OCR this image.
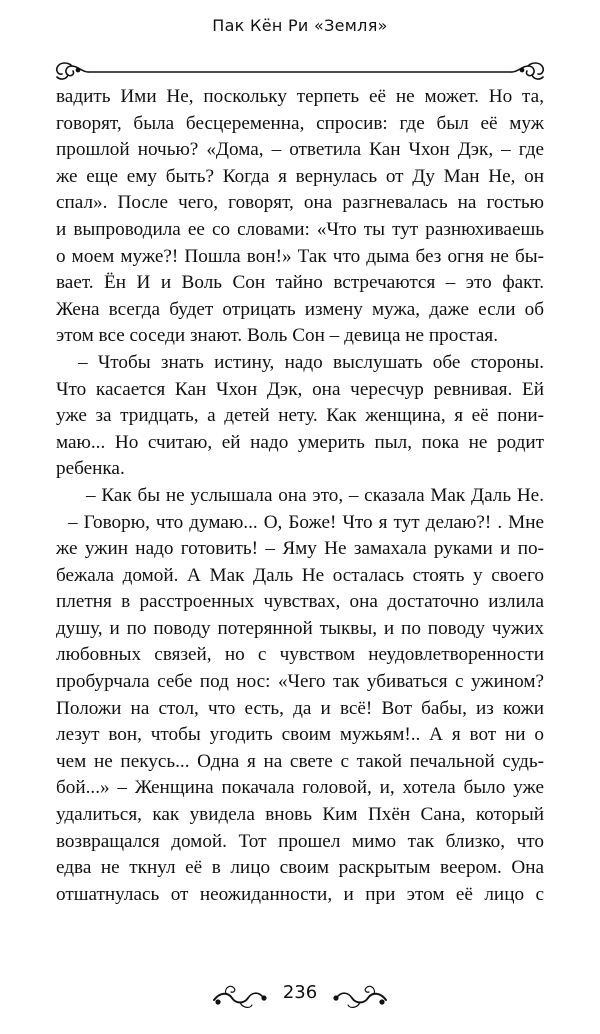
Пак Кён Ри «Земля»
вадить Ими Не, поскольку терпеть её не может. Но та,
говорят, была бесцеременна, спросив: где был её муж
прошлой ночью? «Дома, – ответила Кан Чхон Дэк, – где
же еще ему быть? Когда я вернулась от Ду Ман Не, он
спал». После чего, говорят, она разгневалась на гостью
и выпроводила ее со словами: «Что ты тут разнюхиваешь
о моем муже?! Пошла вон!» Так что дыма без огня не бы-
вает. Ён И и Воль Сон тайно встречаются – это факт.
Жена всегда будет отрицать измену мужа, даже если об
этом все соседи знают. Воль Сон – девица не простая.
– Чтобы знать истину, надо выслушать обе стороны.
Что касается Кан Чхон Дэк, она чересчур ревнивая. Ей
уже за тридцать, а детей нету. Как женщина, я её пони-
маю... Но считаю, ей надо умерить пыл, пока не родит
ребенка.
– Как бы не услышала она это, – сказала Мак Даль Не.
– Говорю, что думаю... О, Боже! Что я тут делаю?! . Мне
же ужин надо готовить! – Яму Не замахала руками и по-
бежала домой. А Мак Даль Не осталась стоять у своего
плетня в расстроенных чувствах, она достаточно излила
душу, и по поводу потерянной тыквы, и по поводу чужих
любовных связей, но с чувством неудовлетворенности
пробурчала себе под нос: «Чего так убиваться с ужином?
Положи на стол, что есть, да и всё! Вот бабы, из кожи
лезут вон, чтобы угодить своим мужьям!.. А я вот ни о
чем не пекусь... Одна я на свете с такой печальной судь-
бой...» – Женщина покачала головой, и, хотела было уже
удалиться, как увидела вновь Ким Пхён Сана, который
возвращался домой. Тот прошел мимо так близко, что
едва не ткнул её в лицо своим раскрытым веером. Она
отшатнулась от неожиданности, и при этом её лицо с
236
